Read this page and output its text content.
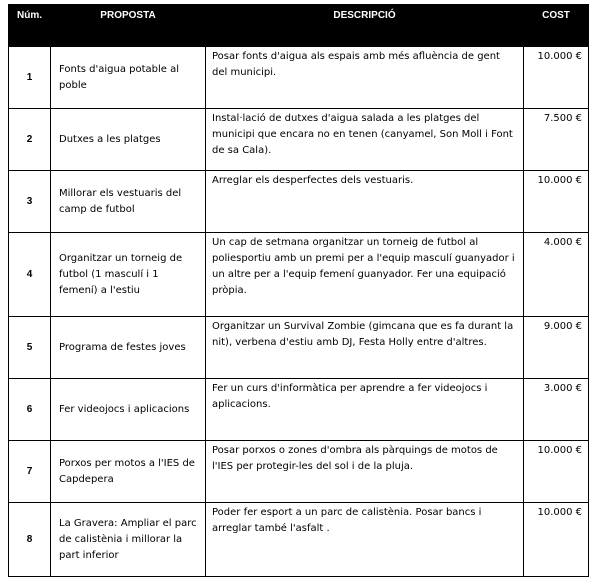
Núm.	PROPOSTA	DESCRIPCIÓ	COST
1	Fonts d'aigua potable al poble	Posar fonts d'aigua als espais amb més afluència de gent del municipi.	10.000 €
2	Dutxes a les platges	Instal·lació de dutxes d'aigua salada a les platges del municipi que encara no en tenen (canyamel, Son Moll i Font de sa Cala).	7.500 €
3	Millorar els vestuaris del camp de futbol	Arreglar els desperfectes dels vestuaris.	10.000 €
4	Organitzar un torneig de futbol (1 masculí i 1 femení) a l'estiu	Un cap de setmana organitzar un torneig de futbol al poliesportiu amb un premi per a l'equip masculí guanyador i un altre per a l'equip femení guanyador. Fer una equipació pròpia.	4.000 €
5	Programa de festes joves	Organitzar un Survival Zombie (gimcana que es fa durant la nit), verbena d'estiu amb DJ, Festa Holly entre d'altres.	9.000 €
6	Fer videojocs i aplicacions	Fer un curs d'informàtica per aprendre a fer videojocs i aplicacions.	3.000 €
7	Porxos per motos a l'IES de Capdepera	Posar porxos o zones d'ombra als pàrquings de motos de l'IES per protegir-les del sol i de la pluja.	10.000 €
8	La Gravera: Ampliar el parc de calistènia i millorar la part inferior	Poder fer esport a un parc de calistènia. Posar bancs i arreglar també l'asfalt .	10.000 €
